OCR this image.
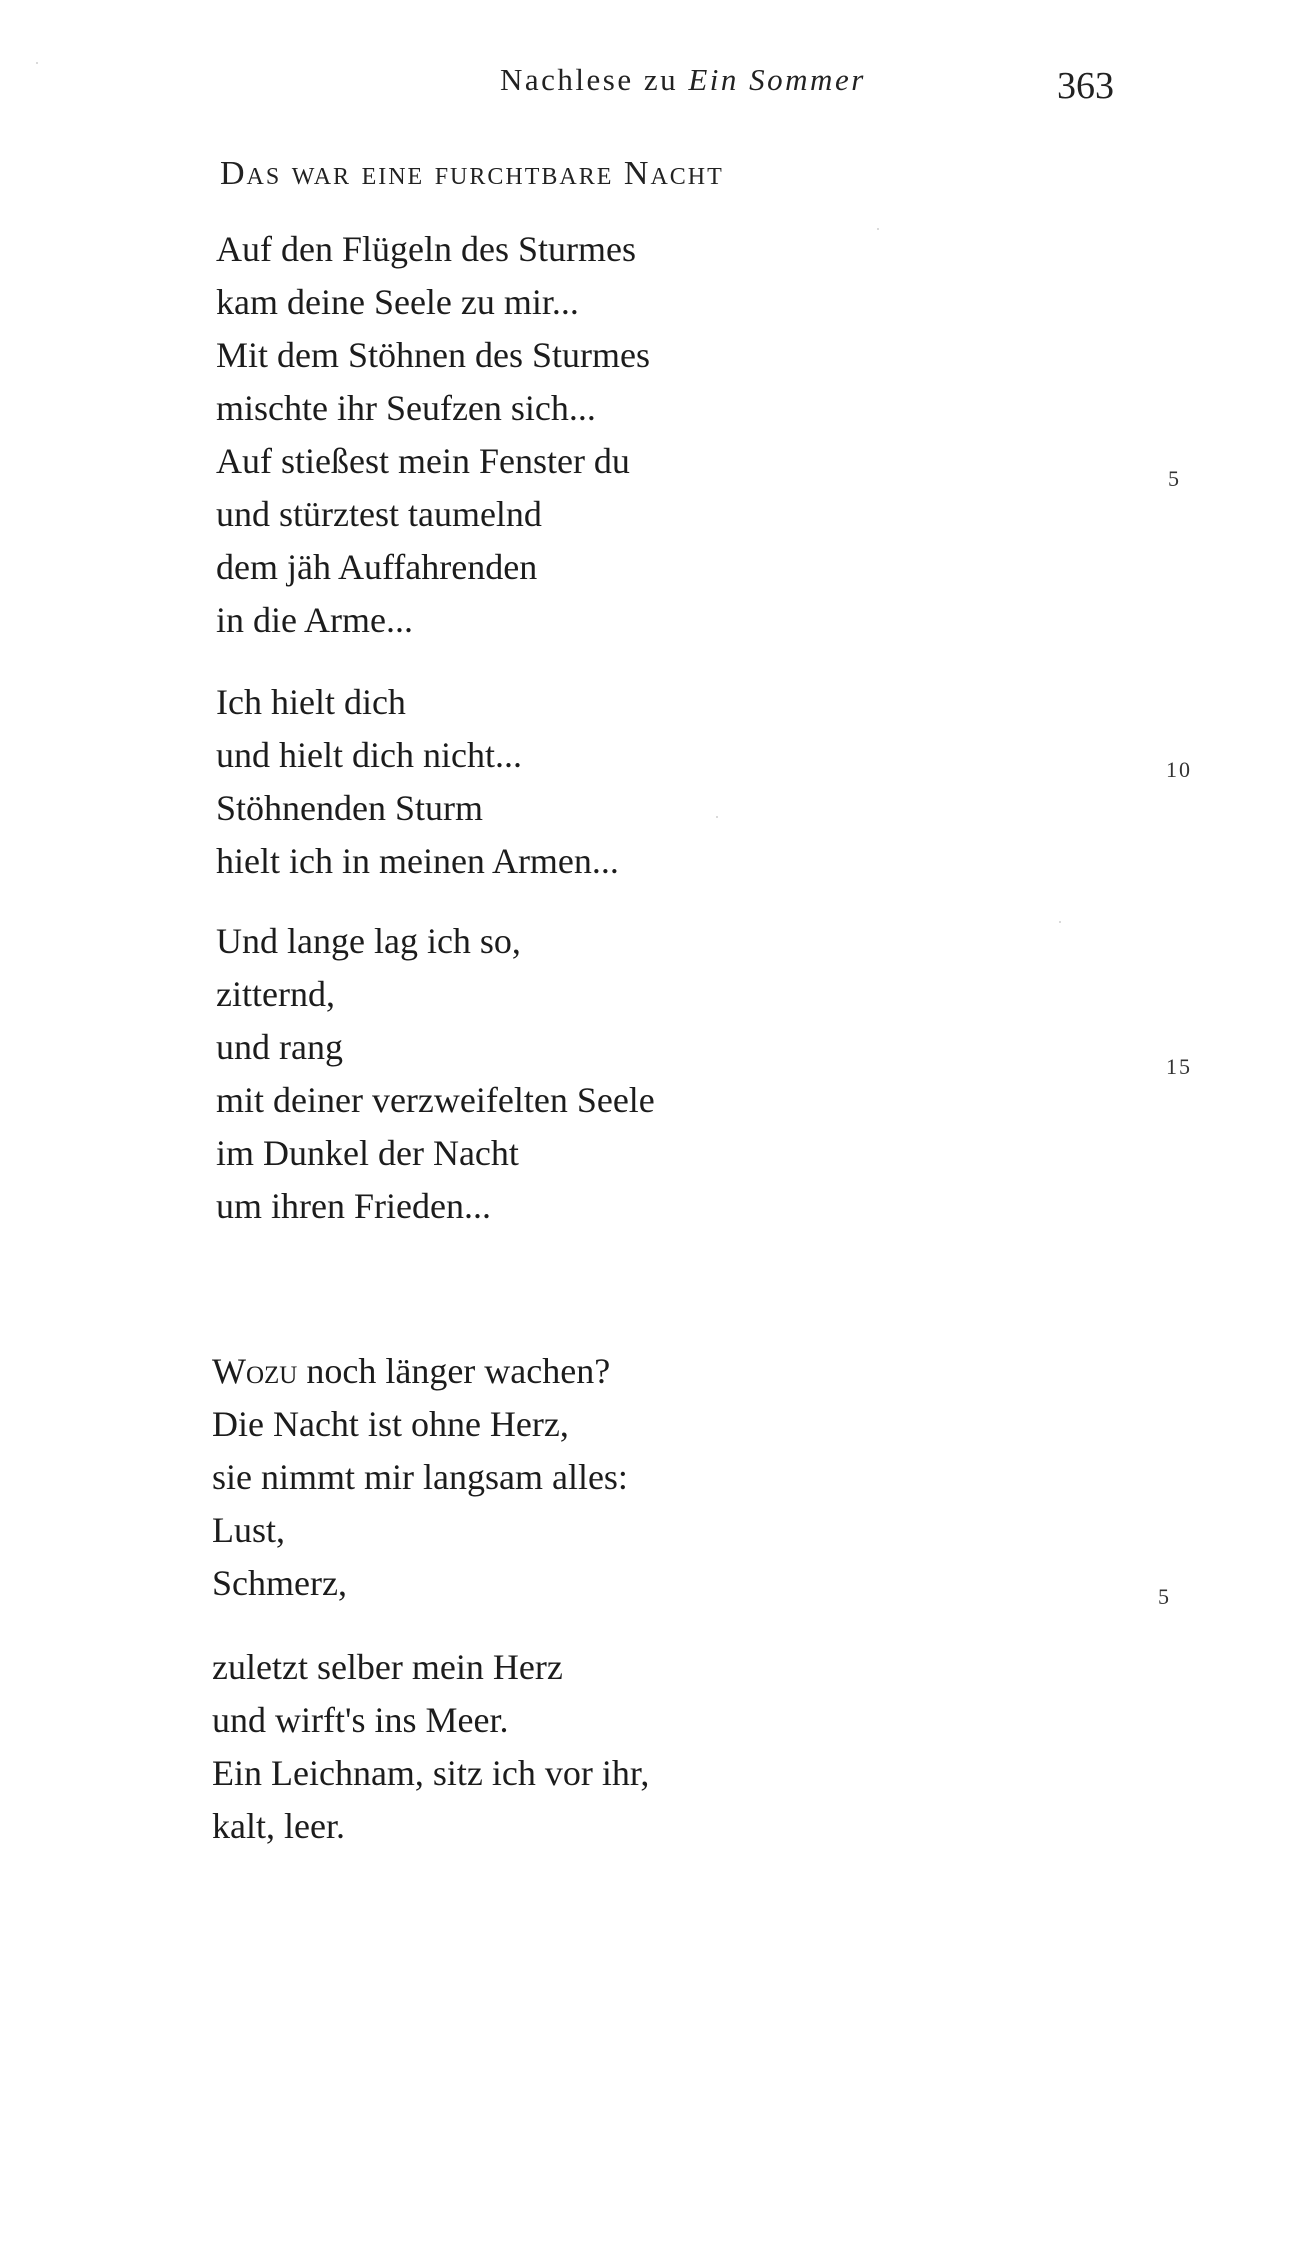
Nachlese zu Ein Sommer	363
Das war eine furchtbare Nacht
Auf den Flügeln des Sturmes
kam deine Seele zu mir...
Mit dem Stöhnen des Sturmes
mischte ihr Seufzen sich...
Auf stießest mein Fenster du
und stürztest taumelnd
dem jäh Auffahrenden
in die Arme...
Ich hielt dich
und hielt dich nicht...
Stöhnenden Sturm
hielt ich in meinen Armen...
Und lange lag ich so,
zitternd,
und rang
mit deiner verzweifelten Seele
im Dunkel der Nacht
um ihren Frieden...
5
10
15
Wozu noch länger wachen?
Die Nacht ist ohne Herz,
sie nimmt mir langsam alles:
Lust,
Schmerz,
zuletzt selber mein Herz
und wirft's ins Meer.
Ein Leichnam, sitz ich vor ihr,
kalt, leer.
5
